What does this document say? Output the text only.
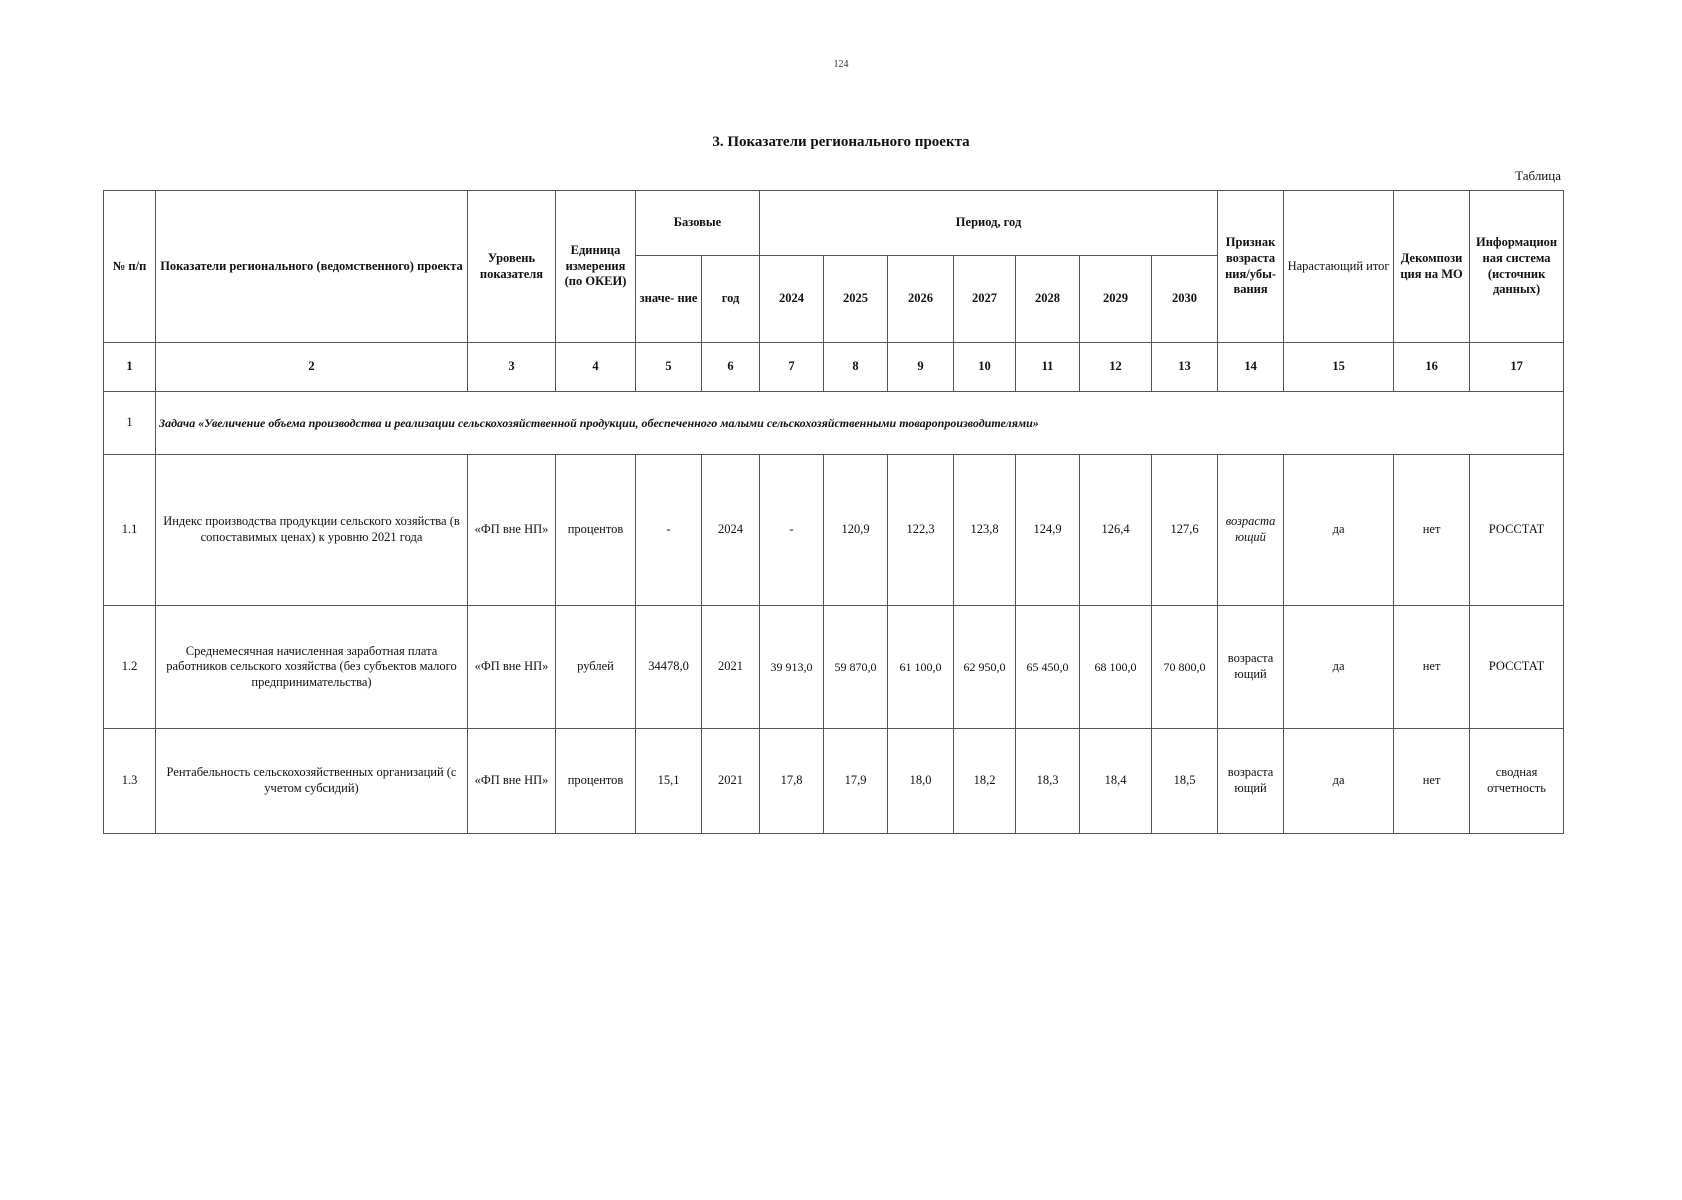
124
3. Показатели регионального проекта
Таблица
№ п/п	Показатели регионального (ведомственного) проекта	Уровень показателя	Единица измерения (по ОКЕИ)	Базовые		Период, год							Признак возраста ния/убы- вания	Нарастающий итог	Декомпози ция на МО	Информацион ная система (источник данных)
				значе- ние	год	2024	2025	2026	2027	2028	2029	2030				
1	2	3	4	5	6	7	8	9	10	11	12	13	14	15	16	17
1	Задача «Увеличение объема производства и реализации сельскохозяйственной продукции, обеспеченного малыми сельскохозяйственными товаропроизводителями»															
1.1	Индекс производства продукции сельского хозяйства (в сопоставимых ценах) к уровню 2021 года	«ФП вне НП»	процентов	-	2024	-	120,9	122,3	123,8	124,9	126,4	127,6	возраста ющий	да	нет	РОССТАТ
1.2	Среднемесячная начисленная заработная плата работников сельского хозяйства (без субъектов малого предпринимательства)	«ФП вне НП»	рублей	34478,0	2021	39 913,0	59 870,0	61 100,0	62 950,0	65 450,0	68 100,0	70 800,0	возраста ющий	да	нет	РОССТАТ
1.3	Рентабельность сельскохозяйственных организаций (с учетом субсидий)	«ФП вне НП»	процентов	15,1	2021	17,8	17,9	18,0	18,2	18,3	18,4	18,5	возраста ющий	да	нет	сводная отчетность
